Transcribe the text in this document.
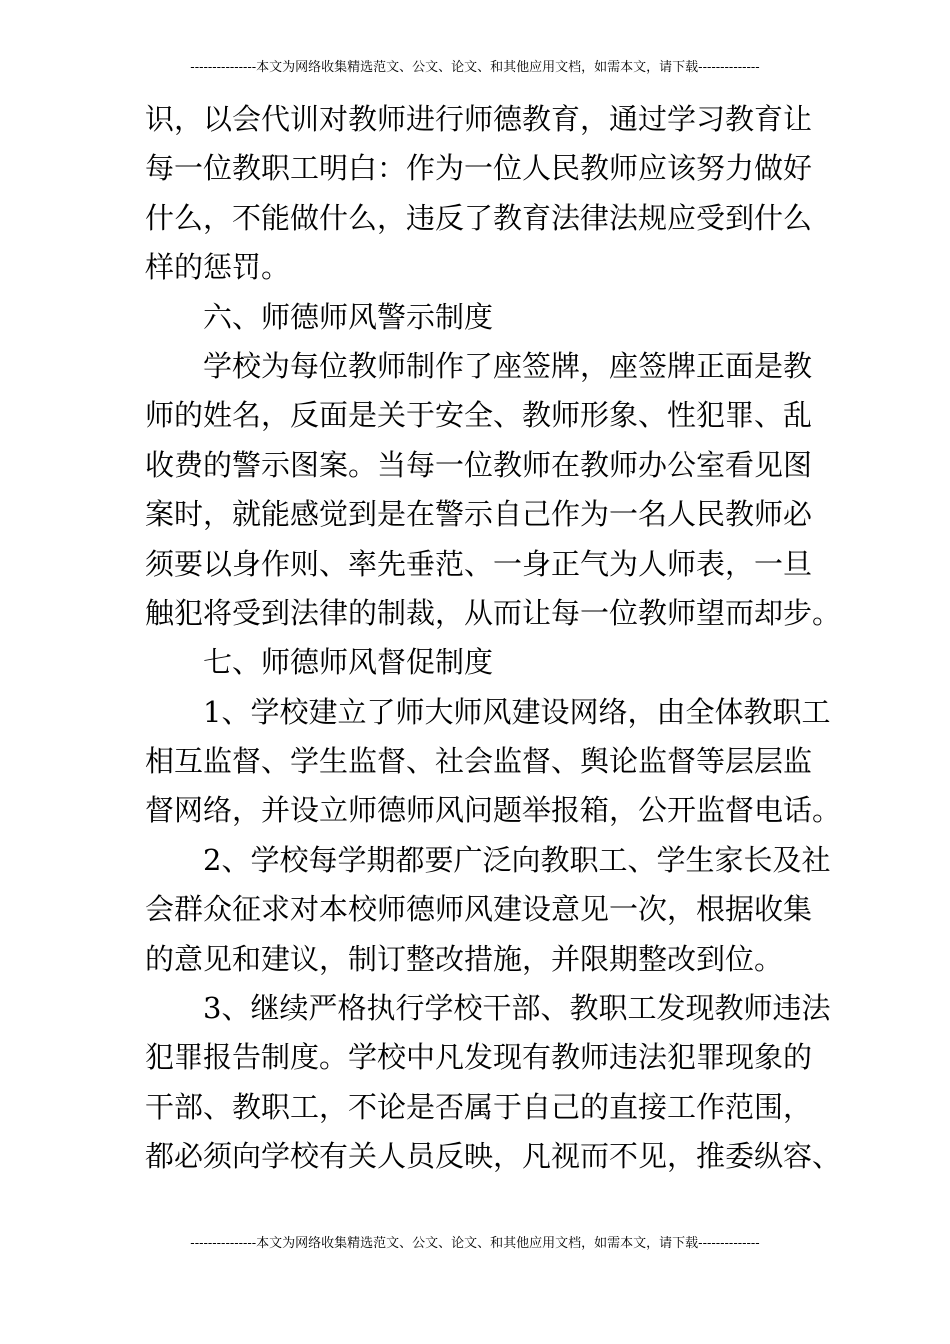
---------------本文为网络收集精选范文、公文、论文、和其他应用文档，如需本文，请下载--------------
识，以会代训对教师进行师德教育，通过学习教育让
每一位教职工明白：作为一位人民教师应该努力做好
什么，不能做什么，违反了教育法律法规应受到什么
样的惩罚。
六、师德师风警示制度
学校为每位教师制作了座签牌，座签牌正面是教
师的姓名，反面是关于安全、教师形象、性犯罪、乱
收费的警示图案。当每一位教师在教师办公室看见图
案时，就能感觉到是在警示自己作为一名人民教师必
须要以身作则、率先垂范、一身正气为人师表，一旦
触犯将受到法律的制裁，从而让每一位教师望而却步。
七、师德师风督促制度
1、学校建立了师大师风建设网络，由全体教职工
相互监督、学生监督、社会监督、舆论监督等层层监
督网络，并设立师德师风问题举报箱，公开监督电话。
2、学校每学期都要广泛向教职工、学生家长及社
会群众征求对本校师德师风建设意见一次，根据收集
的意见和建议，制订整改措施，并限期整改到位。
3、继续严格执行学校干部、教职工发现教师违法
犯罪报告制度。学校中凡发现有教师违法犯罪现象的
干部、教职工，不论是否属于自己的直接工作范围，
都必须向学校有关人员反映，凡视而不见，推委纵容、
---------------本文为网络收集精选范文、公文、论文、和其他应用文档，如需本文，请下载--------------
